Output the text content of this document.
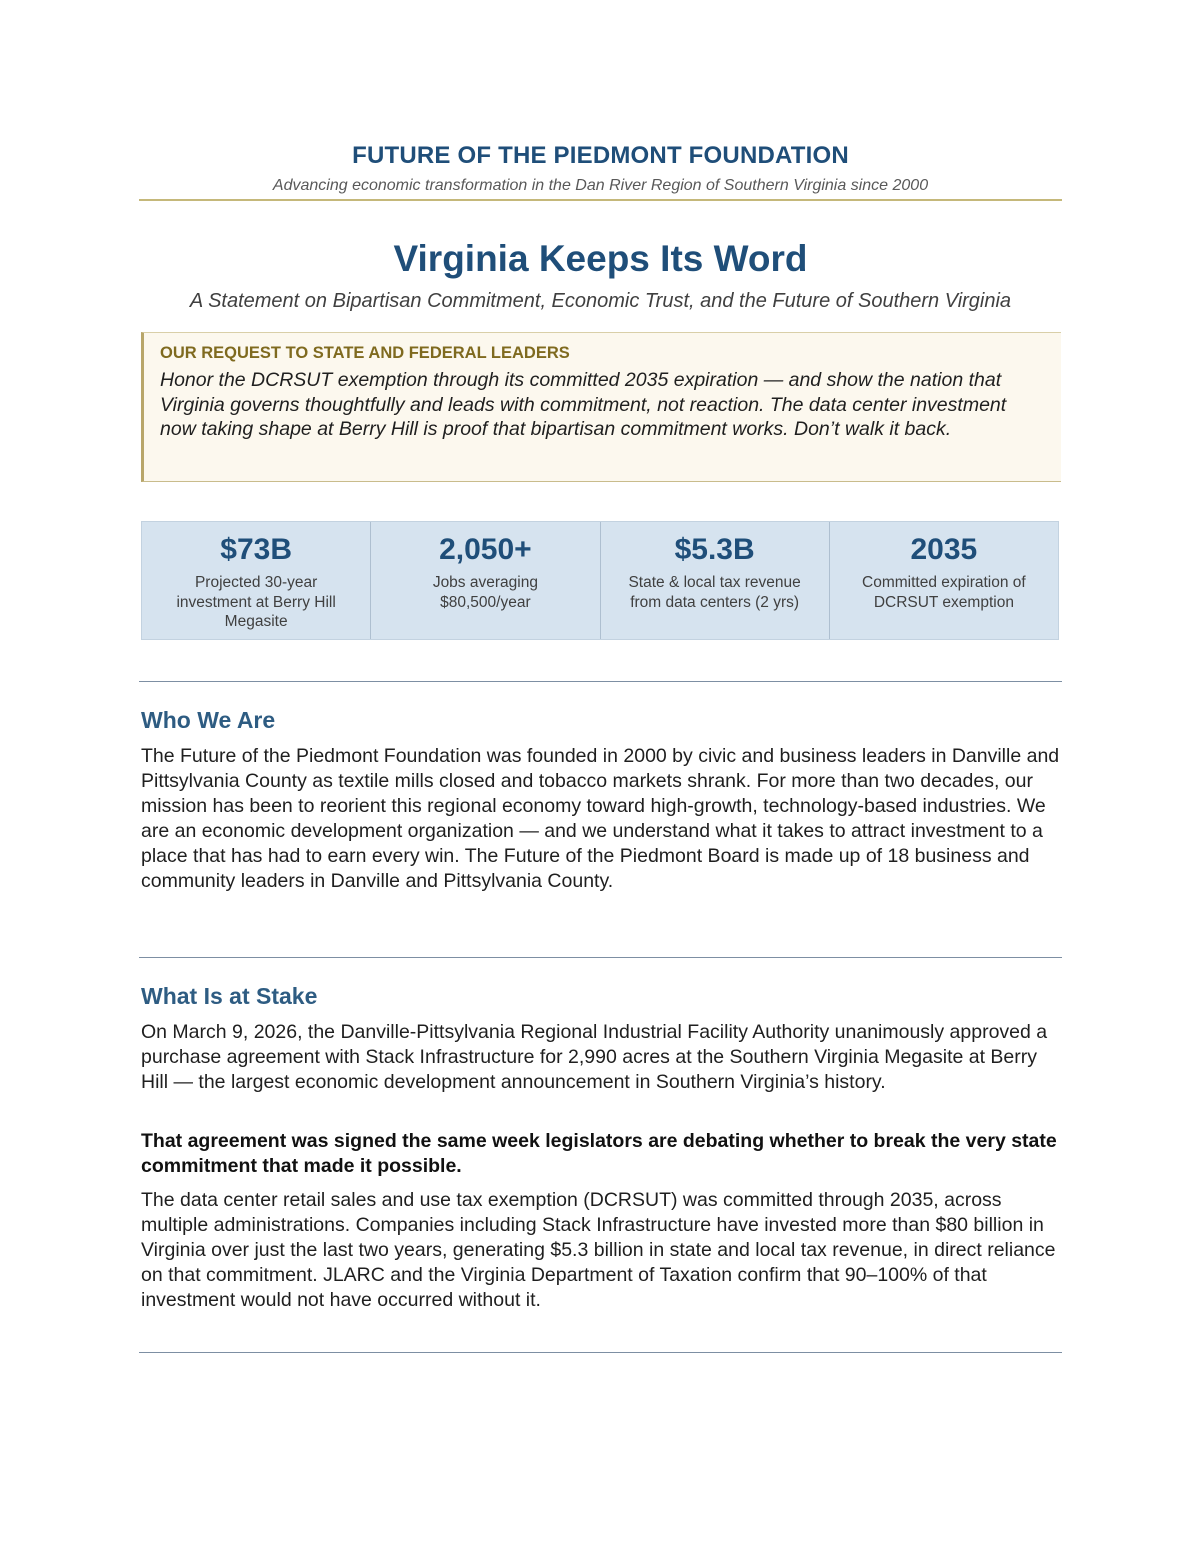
FUTURE OF THE PIEDMONT FOUNDATION
Advancing economic transformation in the Dan River Region of Southern Virginia since 2000
Virginia Keeps Its Word
A Statement on Bipartisan Commitment, Economic Trust, and the Future of Southern Virginia
OUR REQUEST TO STATE AND FEDERAL LEADERS
Honor the DCRSUT exemption through its committed 2035 expiration — and show the nation that Virginia governs thoughtfully and leads with commitment, not reaction. The data center investment now taking shape at Berry Hill is proof that bipartisan commitment works. Don’t walk it back.
$73B
Projected 30-year investment at Berry Hill Megasite
2,050+
Jobs averaging $80,500/year
$5.3B
State & local tax revenue from data centers (2 yrs)
2035
Committed expiration of DCRSUT exemption
Who We Are
The Future of the Piedmont Foundation was founded in 2000 by civic and business leaders in Danville and Pittsylvania County as textile mills closed and tobacco markets shrank. For more than two decades, our mission has been to reorient this regional economy toward high-growth, technology-based industries. We are an economic development organization — and we understand what it takes to attract investment to a place that has had to earn every win. The Future of the Piedmont Board is made up of 18 business and community leaders in Danville and Pittsylvania County.
What Is at Stake
On March 9, 2026, the Danville-Pittsylvania Regional Industrial Facility Authority unanimously approved a purchase agreement with Stack Infrastructure for 2,990 acres at the Southern Virginia Megasite at Berry Hill — the largest economic development announcement in Southern Virginia’s history.
That agreement was signed the same week legislators are debating whether to break the very state commitment that made it possible.
The data center retail sales and use tax exemption (DCRSUT) was committed through 2035, across multiple administrations. Companies including Stack Infrastructure have invested more than $80 billion in Virginia over just the last two years, generating $5.3 billion in state and local tax revenue, in direct reliance on that commitment. JLARC and the Virginia Department of Taxation confirm that 90–100% of that investment would not have occurred without it.
